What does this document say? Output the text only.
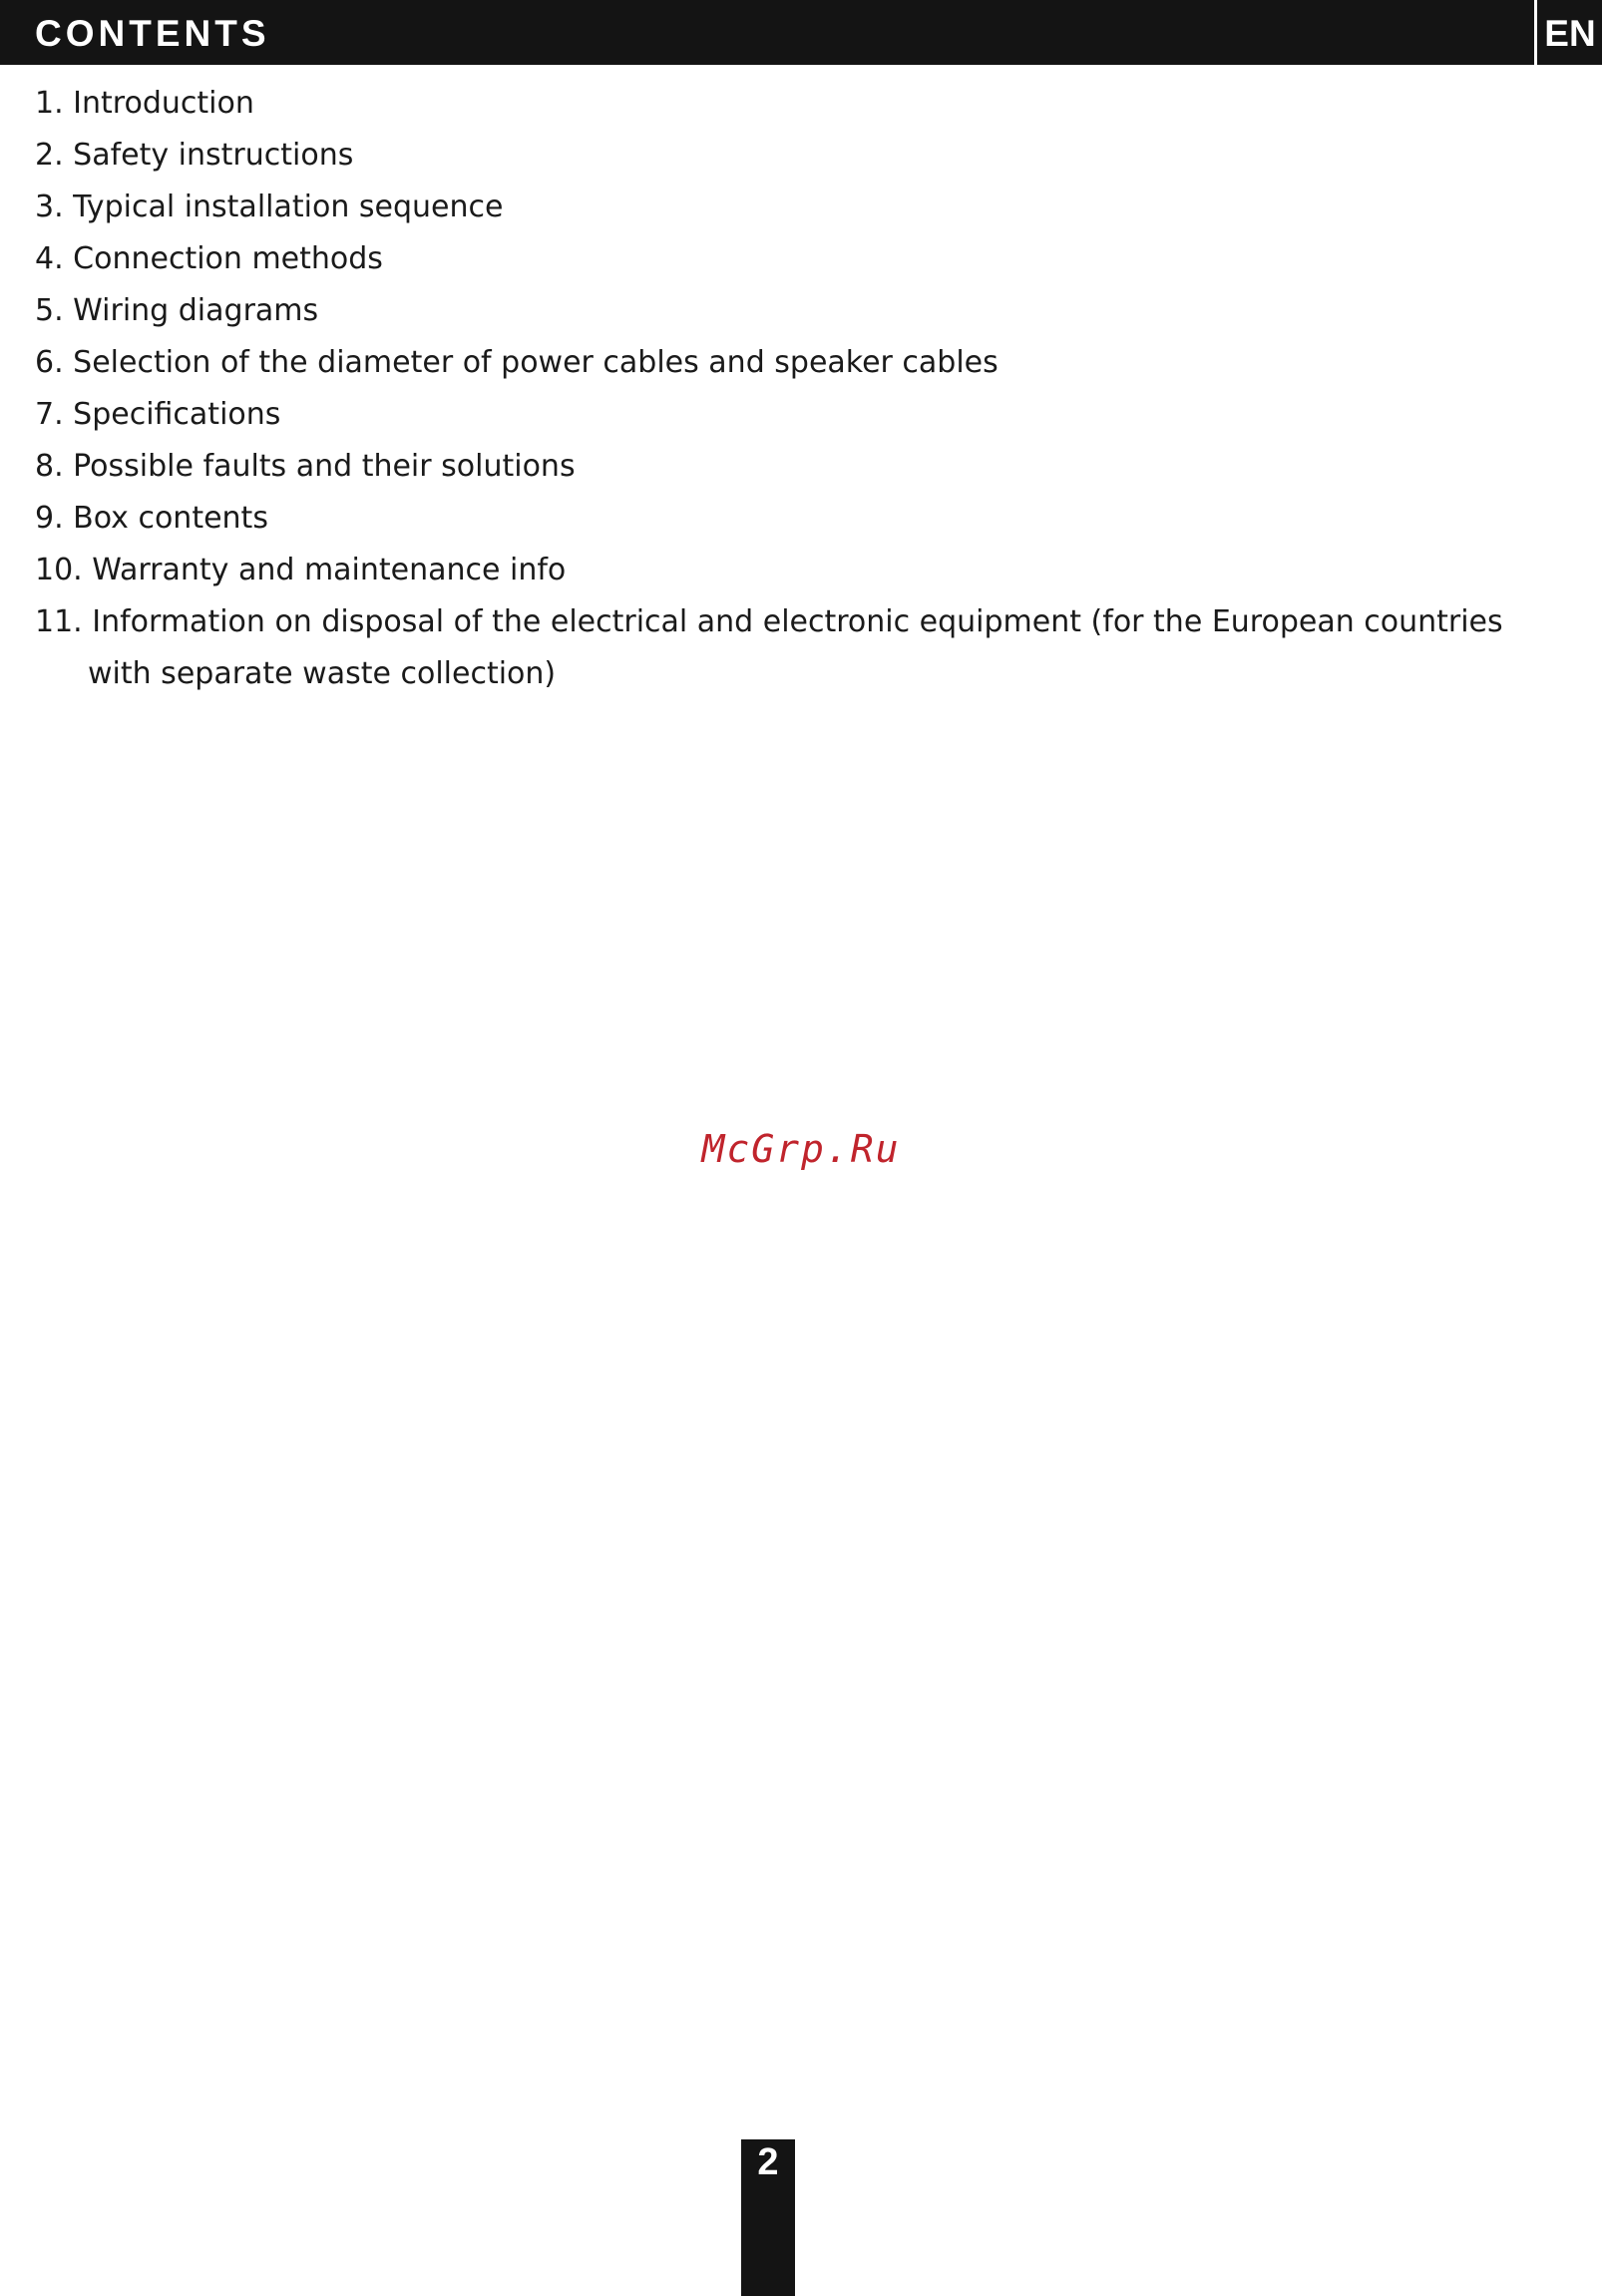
CONTENTS	EN
1. Introduction
2. Safety instructions
3. Typical installation sequence
4. Connection methods
5. Wiring diagrams
6. Selection of the diameter of power cables and speaker cables
7. Specifications
8. Possible faults and their solutions
9. Box contents
10. Warranty and maintenance info
11. Information on disposal of the electrical and electronic equipment (for the European countries with separate waste collection)
McGrp.Ru
2
